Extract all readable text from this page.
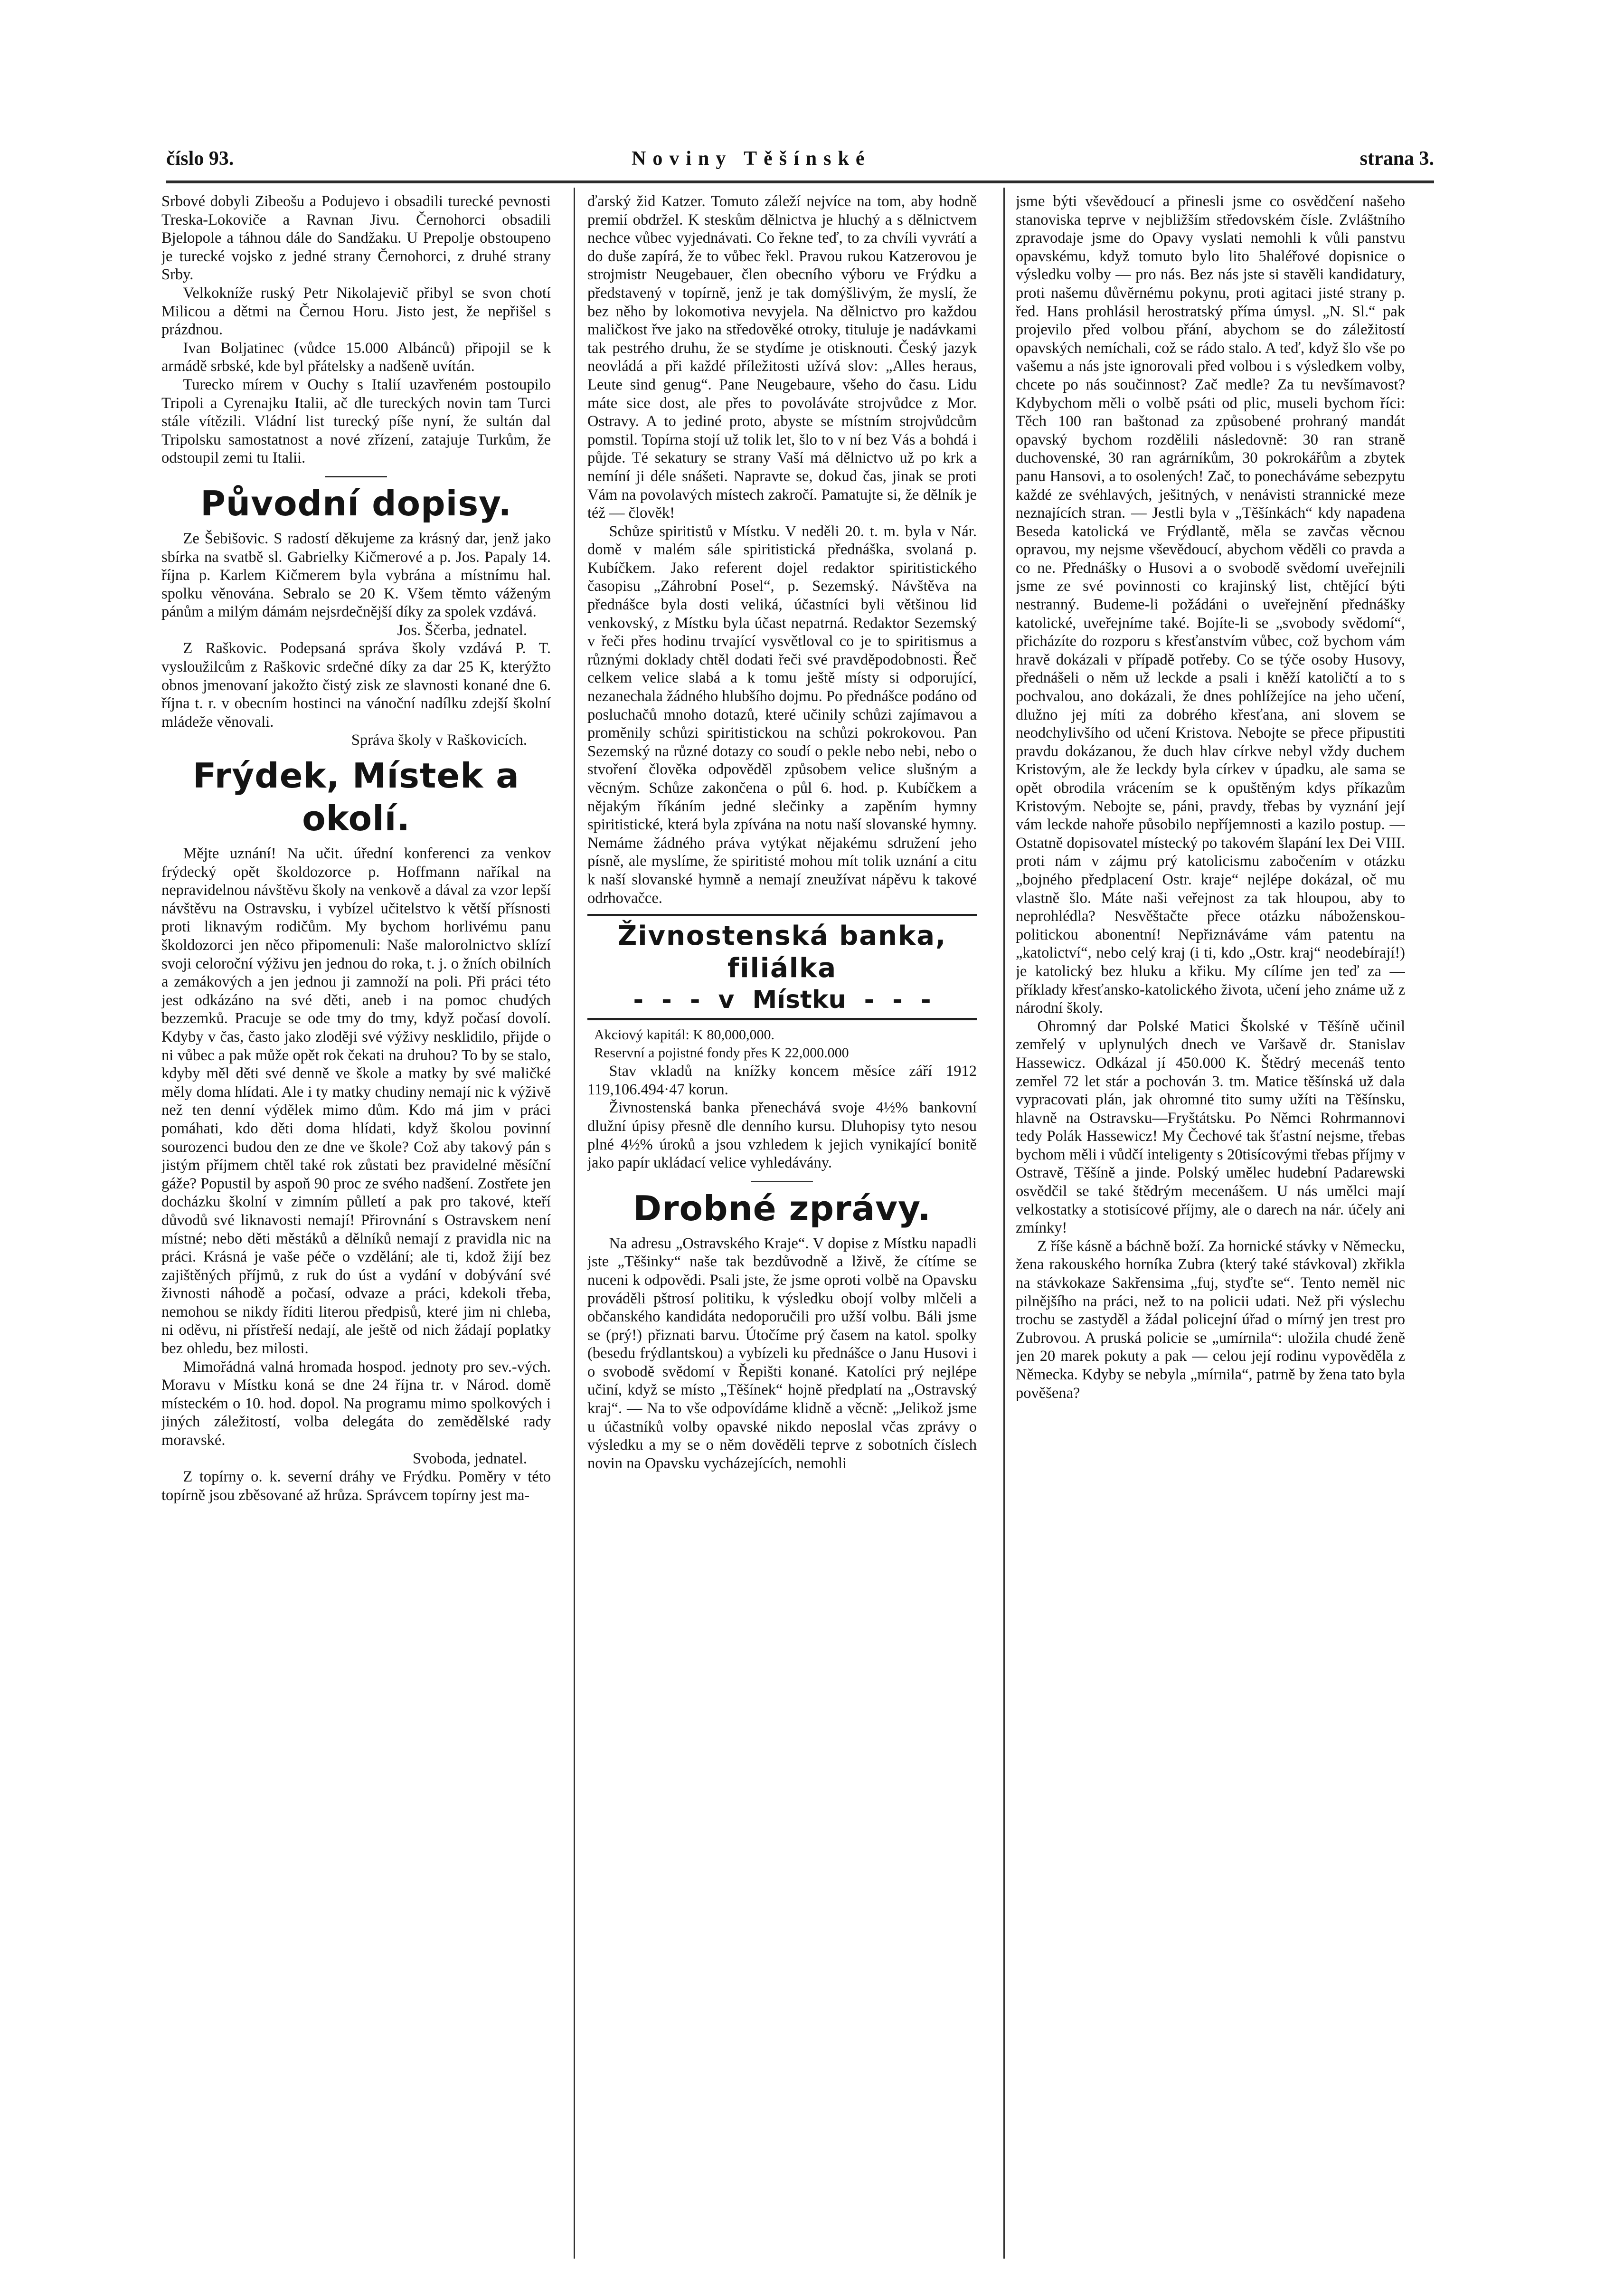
číslo 93.	Noviny Těšínské	strana 3.

Srbové dobyli Zibeošu a Podujevo i obsadili turecké pevnosti Treska-Lokoviče a Ravnan Jivu. Černohorci obsadili Bjelopole a táhnou dále do Sandžaku. U Prepolje obstoupeno je turecké vojsko z jedné strany Černohorci, z druhé strany Srby.

Velkokníže ruský Petr Nikolajevič přibyl se svon chotí Milicou a dětmi na Černou Horu. Jisto jest, že nepřišel s prázdnou.

Ivan Boljatinec (vůdce 15.000 Albánců) připojil se k armádě srbské, kde byl přátelsky a nadšeně uvítán.

Turecko mírem v Ouchy s Italií uzavřeném postoupilo Tripoli a Cyrenajku Italii, ač dle tureckých novin tam Turci stále vítězili. Vládní list turecký píše nyní, že sultán dal Tripolsku samostatnost a nové zřízení, zatajuje Turkům, že odstoupil zemi tu Italii.

Původní dopisy.

Ze Šebišovic. S radostí děkujeme za krásný dar, jenž jako sbírka na svatbě sl. Gabrielky Kičmerové a p. Jos. Papaly 14. října p. Karlem Kičmerem byla vybrána a místnímu hal. spolku věnována. Sebralo se 20 K. Všem těmto váženým pánům a milým dámám nejsrdečnější díky za spolek vzdává.

Jos. Ščerba, jednatel.

Z Raškovic. Podepsaná správa školy vzdává P. T. vysloužilcům z Raškovic srdečné díky za dar 25 K, kterýžto obnos jmenovaní jakožto čistý zisk ze slavnosti konané dne 6. října t. r. v obecním hostinci na vánoční nadílku zdejší školní mládeže věnovali.

Správa školy v Raškovicích.
Frýdek, Místek a okolí.

Mějte uznání! Na učit. úřední konferenci za venkov frýdecký opět školdozorce p. Hoffmann naříkal na nepravidelnou návštěvu školy na venkově a dával za vzor lepší návštěvu na Ostravsku, i vybízel učitelstvo k větší přísnosti proti liknavým rodičům. My bychom horlivému panu školdozorci jen něco připomenuli: Naše malorolnictvo sklízí svoji celoroční výživu jen jednou do roka, t. j. o žních obilních a zemákových a jen jednou ji zamnoží na poli. Při práci této jest odkázáno na své děti, aneb i na pomoc chudých bezzemků. Pracuje se ode tmy do tmy, když počasí dovolí. Kdyby v čas, často jako zloději své výživy nesklidilo, přijde o ni vůbec a pak může opět rok čekati na druhou? To by se stalo, kdyby měl děti své denně ve škole a matky by své maličké měly doma hlídati. Ale i ty matky chudiny nemají nic k výživě než ten denní výdělek mimo dům. Kdo má jim v práci pomáhati, kdo děti doma hlídati, když školou povinní sourozenci budou den ze dne ve škole? Což aby takový pán s jistým příjmem chtěl také rok zůstati bez pravidelné měsíční gáže? Popustil by aspoň 90 proc ze svého nadšení. Zostřete jen docházku školní v zimním půlletí a pak pro takové, kteří důvodů své liknavosti nemají! Přirovnání s Ostravskem není místné; nebo děti městáků a dělníků nemají z pravidla nic na práci. Krásná je vaše péče o vzdělání; ale ti, kdož žijí bez zajištěných příjmů, z ruk do úst a vydání v dobývání své živnosti náhodě a počasí, odvaze a práci, kdekoli třeba, nemohou se nikdy říditi literou předpisů, které jim ni chleba, ni oděvu, ni přístřeší nedají, ale ještě od nich žádají poplatky bez ohledu, bez milosti.

Mimořádná valná hromada hospod. jednoty pro sev.-vých. Moravu v Místku koná se dne 24 října tr. v Národ. domě místeckém o 10. hod. dopol. Na programu mimo spolkových i jiných záležitostí, volba delegáta do zemědělské rady moravské.

Svoboda, jednatel.

Z topírny o. k. severní dráhy ve Frýdku. Poměry v této topírně jsou zběsované až hrůza. Správcem topírny jest ma-

ďarský žid Katzer. Tomuto záleží nejvíce na tom, aby hodně premií obdržel. K steskům dělnictva je hluchý a s dělnictvem nechce vůbec vyjednávati. Co řekne teď, to za chvíli vyvrátí a do duše zapírá, že to vůbec řekl. Pravou rukou Katzerovou je strojmistr Neugebauer, člen obecního výboru ve Frýdku a představený v topírně, jenž je tak domýšlivým, že myslí, že bez něho by lokomotiva nevyjela. Na dělnictvo pro každou maličkost řve jako na středověké otroky, tituluje je nadávkami tak pestrého druhu, že se stydíme je otisknouti. Český jazyk neovládá a při každé příležitosti užívá slov: „Alles heraus, Leute sind genug“. Pane Neugebaure, všeho do času. Lidu máte sice dost, ale přes to povoláváte strojvůdce z Mor. Ostravy. A to jediné proto, abyste se místním strojvůdcům pomstil. Topírna stojí už tolik let, šlo to v ní bez Vás a bohdá i půjde. Té sekatury se strany Vaší má dělnictvo už po krk a nemíní ji déle snášeti. Napravte se, dokud čas, jinak se proti Vám na povolavých místech zakročí. Pamatujte si, že dělník je též — člověk!

Schůze spiritistů v Místku. V neděli 20. t. m. byla v Nár. domě v malém sále spiritistická přednáška, svolaná p. Kubíčkem. Jako referent dojel redaktor spiritistického časopisu „Záhrobní Posel“, p. Sezemský. Návštěva na přednášce byla dosti veliká, účastníci byli většinou lid venkovský, z Místku byla účast nepatrná. Redaktor Sezemský v řeči přes hodinu trvající vysvětloval co je to spiritismus a různými doklady chtěl dodati řeči své pravděpodobnosti. Řeč celkem velice slabá a k tomu ještě místy si odporující, nezanechala žádného hlubšího dojmu. Po přednášce podáno od posluchačů mnoho dotazů, které učinily schůzi zajímavou a proměnily schůzi spiritistickou na schůzi pokrokovou. Pan Sezemský na různé dotazy co soudí o pekle nebo nebi, nebo o stvoření člověka odpověděl způsobem velice slušným a věcným. Schůze zakončena o půl 6. hod. p. Kubíčkem a nějakým říkáním jedné slečinky a zapěním hymny spiritistické, která byla zpívána na notu naší slovanské hymny. Nemáme žádného práva vytýkat nějakému sdružení jeho písně, ale myslíme, že spiritisté mohou mít tolik uznání a citu k naší slovanské hymně a nemají zneužívat nápěvu k takové odrhovačce.

Živnostenská banka, filiálka
- - - v Místku - - -
Akciový kapitál: K 80,000,000.
Reservní a pojistné fondy přes K 22,000.000

Stav vkladů na knížky koncem měsíce září 1912 119,106.494·47 korun.

Živnostenská banka přenechává svoje 4½% bankovní dlužní úpisy přesně dle denního kursu. Dluhopisy tyto nesou plné 4½% úroků a jsou vzhledem k jejich vynikající bonitě jako papír ukládací velice vyhledávány.

Drobné zprávy.

Na adresu „Ostravského Kraje“. V dopise z Místku napadli jste „Těšinky“ naše tak bezdůvodně a lživě, že cítíme se nuceni k odpovědi. Psali jste, že jsme oproti volbě na Opavsku prováděli pštrosí politiku, k výsledku obojí volby mlčeli a občanského kandidáta nedoporučili pro užší volbu. Báli jsme se (prý!) přiznati barvu. Útočíme prý časem na katol. spolky (besedu frýdlantskou) a vybízeli ku přednášce o Janu Husovi i o svobodě svědomí v Řepišti konané. Katolíci prý nejlépe učiní, když se místo „Těšínek“ hojně předplatí na „Ostravský kraj“. — Na to vše odpovídáme klidně a věcně: „Jelikož jsme u účastníků volby opavské nikdo neposlal včas zprávy o výsledku a my se o něm dověděli teprve z sobotních číslech novin na Opavsku vycházejících, nemohli

jsme býti vševědoucí a přinesli jsme co osvědčení našeho stanoviska teprve v nejbližším středovském čísle. Zvláštního zpravodaje jsme do Opavy vyslati nemohli k vůli panstvu opavskému, když tomuto bylo lito 5haléřové dopisnice o výsledku volby — pro nás. Bez nás jste si stavěli kandidatury, proti našemu důvěrnému pokynu, proti agitaci jisté strany p. řed. Hans prohlásil herostratský příma úmysl. „N. Sl.“ pak projevilo před volbou přání, abychom se do záležitostí opavských nemíchali, což se rádo stalo. A teď, když šlo vše po vašemu a nás jste ignorovali před volbou i s výsledkem volby, chcete po nás součinnost? Zač medle? Za tu nevšímavost? Kdybychom měli o volbě psáti od plic, museli bychom říci: Těch 100 ran baštonad za způsobené prohraný mandát opavský bychom rozdělili následovně: 30 ran straně duchovenské, 30 ran agrárníkům, 30 pokrokářům a zbytek panu Hansovi, a to osolených! Zač, to ponecháváme sebezpytu každé ze svéhlavých, ješitných, v nenávisti strannické meze neznajících stran. — Jestli byla v „Těšínkách“ kdy napadena Beseda katolická ve Frýdlantě, měla se zavčas věcnou opravou, my nejsme vševědoucí, abychom věděli co pravda a co ne. Přednášky o Husovi a o svobodě svědomí uveřejnili jsme ze své povinnosti co krajinský list, chtějící býti nestranný. Budeme-li požádáni o uveřejnění přednášky katolické, uveřejníme také. Bojíte-li se „svobody svědomí“, přicházíte do rozporu s křesťanstvím vůbec, což bychom vám hravě dokázali v případě potřeby. Co se týče osoby Husovy, přednášeli o něm už leckde a psali i kněží katoličtí a to s pochvalou, ano dokázali, že dnes pohlížejíce na jeho učení, dlužno jej míti za dobrého křesťana, ani slovem se neodchylivšího od učení Kristova. Nebojte se přece připustiti pravdu dokázanou, že duch hlav církve nebyl vždy duchem Kristovým, ale že leckdy byla církev v úpadku, ale sama se opět obrodila vrácením se k opuštěným kdys příkazům Kristovým. Nebojte se, páni, pravdy, třebas by vyznání její vám leckde nahoře působilo nepříjemnosti a kazilo postup. — Ostatně dopisovatel místecký po takovém šlapání lex Dei VIII. proti nám v zájmu prý katolicismu zabočením v otázku „bojného předplacení Ostr. kraje“ nejlépe dokázal, oč mu vlastně šlo. Máte naši veřejnost za tak hloupou, aby to neprohlédla? Nesvěštačte přece otázku náboženskou-politickou abonentní! Nepřiznáváme vám patentu na „katolictví“, nebo celý kraj (i ti, kdo „Ostr. kraj“ neodebírají!) je katolický bez hluku a křiku. My cílíme jen teď za — příklady křesťansko-katolického života, učení jeho známe už z národní školy.

Ohromný dar Polské Matici Školské v Těšíně učinil zemřelý v uplynulých dnech ve Varšavě dr. Stanislav Hassewicz. Odkázal jí 450.000 K. Štědrý mecenáš tento zemřel 72 let stár a pochován 3. tm. Matice těšínská už dala vypracovati plán, jak ohromné tito sumy užíti na Těšínsku, hlavně na Ostravsku—Fryštátsku. Po Němci Rohrmannovi tedy Polák Hassewicz! My Čechové tak šťastní nejsme, třebas bychom měli i vůdčí inteligenty s 20tisícovými třebas příjmy v Ostravě, Těšíně a jinde. Polský umělec hudební Padarewski osvědčil se také štědrým mecenášem. U nás umělci mají velkostatky a stotisícové příjmy, ale o darech na nár. účely ani zmínky!

Z říše kásně a báchně boží. Za hornické stávky v Německu, žena rakouského horníka Zubra (který také stávkoval) zkřikla na stávkokaze Sakřensima „fuj, styďte se“. Tento neměl nic pilnějšího na práci, než to na policii udati. Než při výslechu trochu se zastyděl a žádal policejní úřad o mírný jen trest pro Zubrovou. A pruská policie se „umírnila“: uložila chudé ženě jen 20 marek pokuty a pak — celou její rodinu vypověděla z Německa. Kdyby se nebyla „mírnila“, patrně by žena tato byla pověšena?
